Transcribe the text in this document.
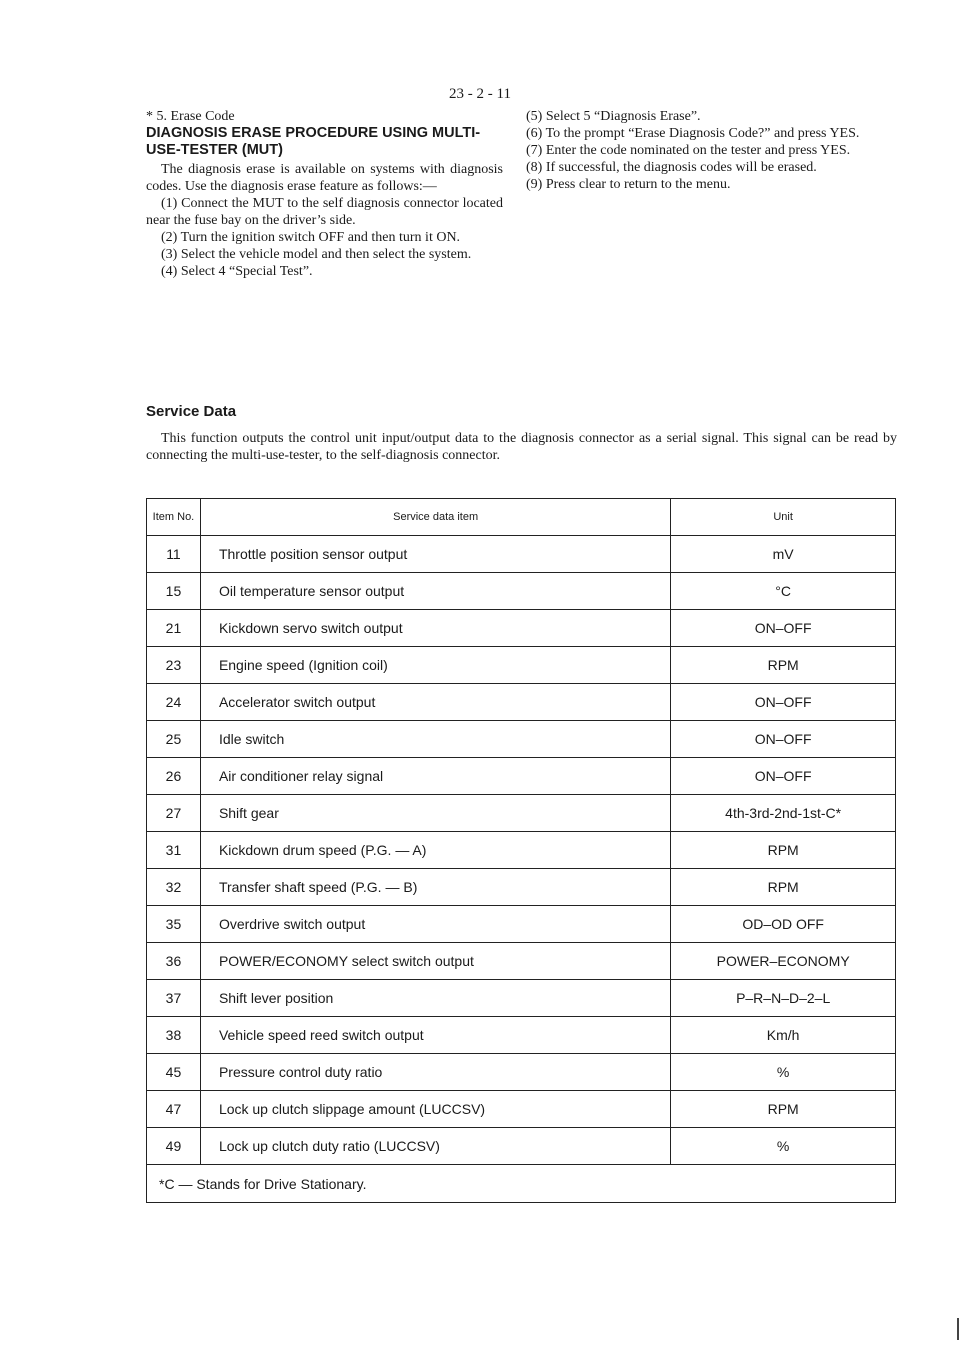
23 - 2 - 11

* 5. Erase Code

DIAGNOSIS ERASE PROCEDURE USING MULTI-USE-TESTER (MUT)

The diagnosis erase is available on systems with diagnosis codes. Use the diagnosis erase feature as follows:—

(1) Connect the MUT to the self diagnosis connector located near the fuse bay on the driver’s side.

(2) Turn the ignition switch OFF and then turn it ON.

(3) Select the vehicle model and then select the system.

(4) Select 4 “Special Test”.

(5) Select 5 “Diagnosis Erase”.

(6) To the prompt “Erase Diagnosis Code?” and press YES.

(7) Enter the code nominated on the tester and press YES.

(8) If successful, the diagnosis codes will be erased.

(9) Press clear to return to the menu.

Service Data

This function outputs the control unit input/output data to the diagnosis connector as a serial signal. This signal can be read by connecting the multi-use-tester, to the self-diagnosis connector.

Item No.	Service data item	Unit
11	Throttle position sensor output	mV
15	Oil temperature sensor output	°C
21	Kickdown servo switch output	ON–OFF
23	Engine speed (Ignition coil)	RPM
24	Accelerator switch output	ON–OFF
25	Idle switch	ON–OFF
26	Air conditioner relay signal	ON–OFF
27	Shift gear	4th-3rd-2nd-1st-C*
31	Kickdown drum speed (P.G. — A)	RPM
32	Transfer shaft speed (P.G. — B)	RPM
35	Overdrive switch output	OD–OD OFF
36	POWER/ECONOMY select switch output	POWER–ECONOMY
37	Shift lever position	P–R–N–D–2–L
38	Vehicle speed reed switch output	Km/h
45	Pressure control duty ratio	%
47	Lock up clutch slippage amount (LUCCSV)	RPM
49	Lock up clutch duty ratio (LUCCSV)	%
*C — Stands for Drive Stationary.		
